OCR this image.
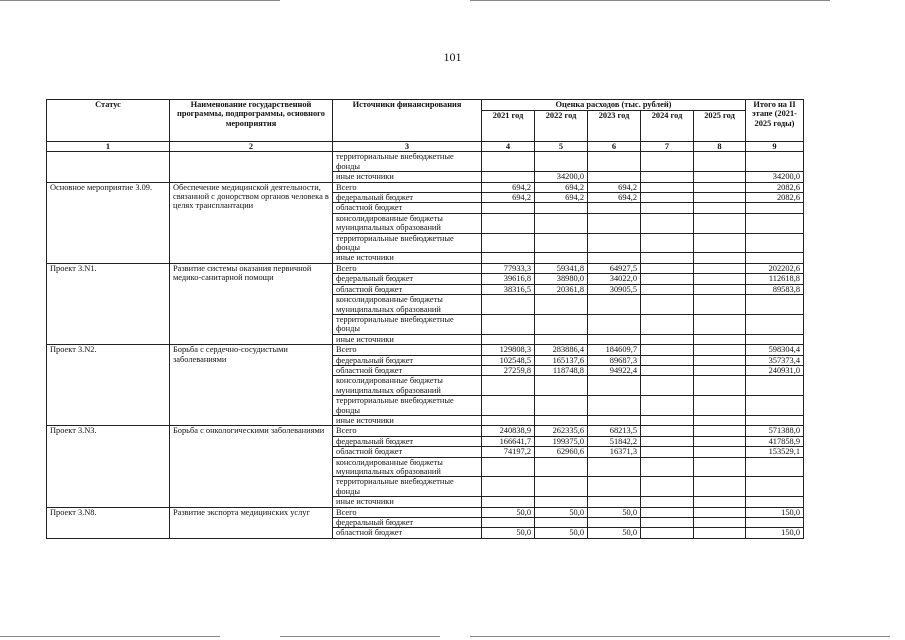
101
Статус	Наименование государственной программы, подпрограммы, основного мероприятия	Источники финансирования	Оценка расходов (тыс. рублей)					Итого на II этапе (2021-2025 годы)
			2021 год	2022 год	2023 год	2024 год	2025 год	
1	2	3	4	5	6	7	8	9
		территориальные внебюджетные фонды						
		иные источники		34200,0				34200,0
Основное мероприятие 3.09.	Обеспечение медицинской деятельности, связанной с донорством органов человека в целях трансплантации	Всего	694,2	694,2	694,2			2082,6
		федеральный бюджет	694,2	694,2	694,2			2082,6
		областной бюджет						
		консолидированные бюджеты муниципальных образований						
		территориальные внебюджетные фонды						
		иные источники						
Проект 3.N1.	Развитие системы оказания первичной медико-санитарной помощи	Всего	77933,3	59341,8	64927,5			202202,6
		федеральный бюджет	39616,8	38980,0	34022,0			112618,8
		областной бюджет	38316,5	20361,8	30905,5			89583,8
		консолидированные бюджеты муниципальных образований						
		территориальные внебюджетные фонды						
		иные источники						
Проект 3.N2.	Борьба с сердечно-сосудистыми заболеваниями	Всего	129808,3	283886,4	184609,7			598304,4
		федеральный бюджет	102548,5	165137,6	89687,3			357373,4
		областной бюджет	27259,8	118748,8	94922,4			240931,0
		консолидированные бюджеты муниципальных образований						
		территориальные внебюджетные фонды						
		иные источники						
Проект 3.N3.	Борьба с онкологическими заболеваниями	Всего	240838,9	262335,6	68213,5			571388,0
		федеральный бюджет	166641,7	199375,0	51842,2			417858,9
		областной бюджет	74197,2	62960,6	16371,3			153529,1
		консолидированные бюджеты муниципальных образований						
		территориальные внебюджетные фонды						
		иные источники						
Проект 3.N8.	Развитие экспорта медицинских услуг	Всего	50,0	50,0	50,0			150,0
		федеральный бюджет						
		областной бюджет	50,0	50,0	50,0			150,0
